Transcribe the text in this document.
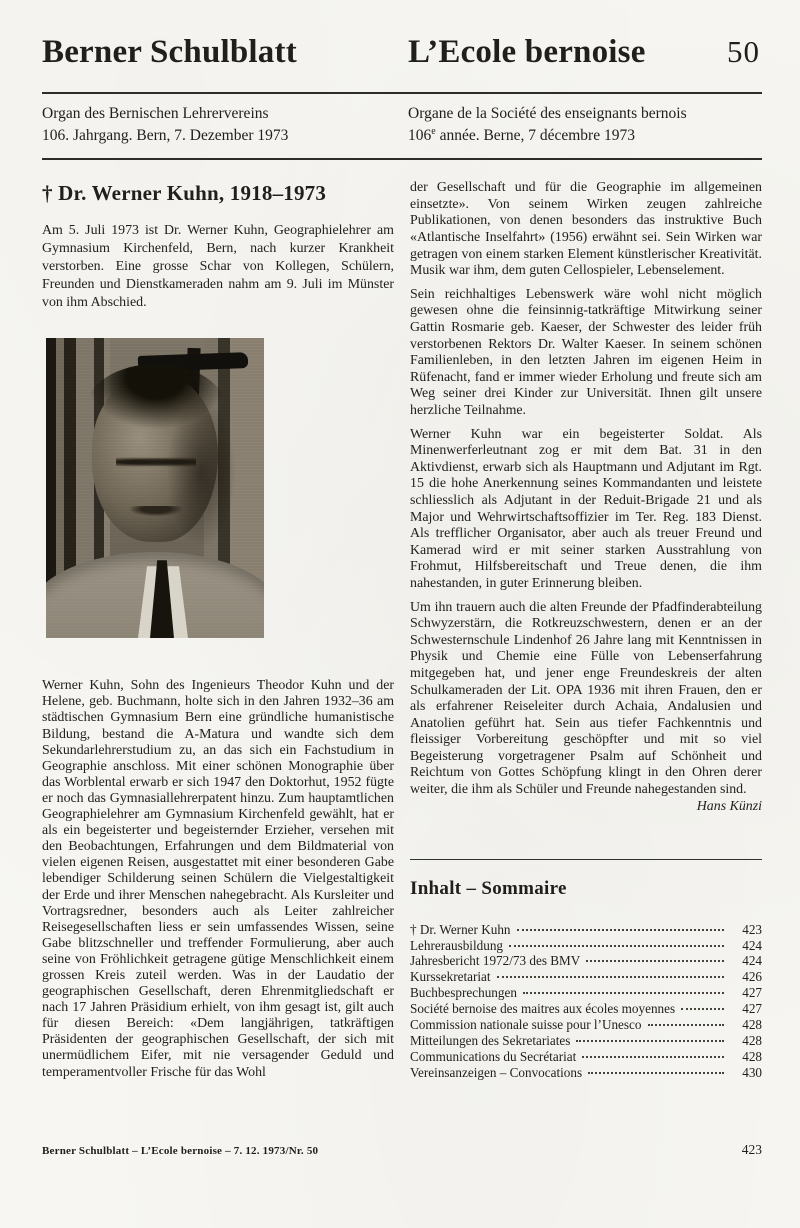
Berner Schulblatt	L’Ecole bernoise	50
Organ des Bernischen Lehrervereins
106. Jahrgang. Bern, 7. Dezember 1973
Organe de la Société des enseignants bernois
106e année. Berne, 7 décembre 1973
† Dr. Werner Kuhn, 1918–1973

Am 5. Juli 1973 ist Dr. Werner Kuhn, Geographielehrer am Gymnasium Kirchenfeld, Bern, nach kurzer Krankheit verstorben. Eine grosse Schar von Kollegen, Schülern, Freunden und Dienstkameraden nahm am 9. Juli im Münster von ihm Abschied.

Werner Kuhn, Sohn des Ingenieurs Theodor Kuhn und der Helene, geb. Buchmann, holte sich in den Jahren 1932–36 am städtischen Gymnasium Bern eine gründliche humanistische Bildung, bestand die A-Matura und wandte sich dem Sekundarlehrerstudium zu, an das sich ein Fachstudium in Geographie anschloss. Mit einer schönen Monographie über das Worblental erwarb er sich 1947 den Doktorhut, 1952 fügte er noch das Gymnasiallehrerpatent hinzu. Zum hauptamtlichen Geographielehrer am Gymnasium Kirchenfeld gewählt, hat er als ein begeisterter und begeisternder Erzieher, versehen mit den Beobachtungen, Erfahrungen und dem Bildmaterial von vielen eigenen Reisen, ausgestattet mit einer besonderen Gabe lebendiger Schilderung seinen Schülern die Vielgestaltigkeit der Erde und ihrer Menschen nahegebracht. Als Kursleiter und Vortragsredner, besonders auch als Leiter zahlreicher Reisegesellschaften liess er sein umfassendes Wissen, seine Gabe blitzschneller und treffender Formulierung, aber auch seine von Fröhlichkeit getragene gütige Menschlichkeit einem grossen Kreis zuteil werden. Was in der Laudatio der geographischen Gesellschaft, deren Ehrenmitgliedschaft er nach 17 Jahren Präsidium erhielt, von ihm gesagt ist, gilt auch für diesen Bereich: «Dem langjährigen, tatkräftigen Präsidenten der geographischen Gesellschaft, der sich mit unermüdlichem Eifer, mit nie versagender Geduld und temperamentvoller Frische für das Wohl

der Gesellschaft und für die Geographie im allgemeinen einsetzte». Von seinem Wirken zeugen zahlreiche Publikationen, von denen besonders das instruktive Buch «Atlantische Inselfahrt» (1956) erwähnt sei. Sein Wirken war getragen von einem starken Element künstlerischer Kreativität. Musik war ihm, dem guten Cellospieler, Lebenselement.

Sein reichhaltiges Lebenswerk wäre wohl nicht möglich gewesen ohne die feinsinnig-tatkräftige Mitwirkung seiner Gattin Rosmarie geb. Kaeser, der Schwester des leider früh verstorbenen Rektors Dr. Walter Kaeser. In seinem schönen Familienleben, in den letzten Jahren im eigenen Heim in Rüfenacht, fand er immer wieder Erholung und freute sich am Weg seiner drei Kinder zur Universität. Ihnen gilt unsere herzliche Teilnahme.

Werner Kuhn war ein begeisterter Soldat. Als Minenwerferleutnant zog er mit dem Bat. 31 in den Aktivdienst, erwarb sich als Hauptmann und Adjutant im Rgt. 15 die hohe Anerkennung seines Kommandanten und leistete schliesslich als Adjutant in der Reduit-Brigade 21 und als Major und Wehrwirtschaftsoffizier im Ter. Reg. 183 Dienst. Als trefflicher Organisator, aber auch als treuer Freund und Kamerad wird er mit seiner starken Ausstrahlung von Frohmut, Hilfsbereitschaft und Treue denen, die ihm nahestanden, in guter Erinnerung bleiben.

Um ihn trauern auch die alten Freunde der Pfadfinderabteilung Schwyzerstärn, die Rotkreuzschwestern, denen er an der Schwesternschule Lindenhof 26 Jahre lang mit Kenntnissen in Physik und Chemie eine Fülle von Lebenserfahrung mitgegeben hat, und jener enge Freundeskreis der alten Schulkameraden der Lit. OPA 1936 mit ihren Frauen, den er als erfahrener Reiseleiter durch Achaia, Andalusien und Anatolien geführt hat. Sein aus tiefer Fachkenntnis und fleissiger Vorbereitung geschöpfter und mit so viel Begeisterung vorgetragener Psalm auf Schönheit und Reichtum von Gottes Schöpfung klingt in den Ohren derer weiter, die ihm als Schüler und Freunde nahegestanden sind.
Hans Künzi

Inhalt – Sommaire
† Dr. Werner Kuhn	423
Lehrerausbildung	424
Jahresbericht 1972/73 des BMV	424
Kurssekretariat	426
Buchbesprechungen	427
Société bernoise des maitres aux écoles moyennes	427
Commission nationale suisse pour l’Unesco	428
Mitteilungen des Sekretariates	428
Communications du Secrétariat	428
Vereinsanzeigen – Convocations	430
Berner Schulblatt – L’Ecole bernoise – 7. 12. 1973/Nr. 50	423
